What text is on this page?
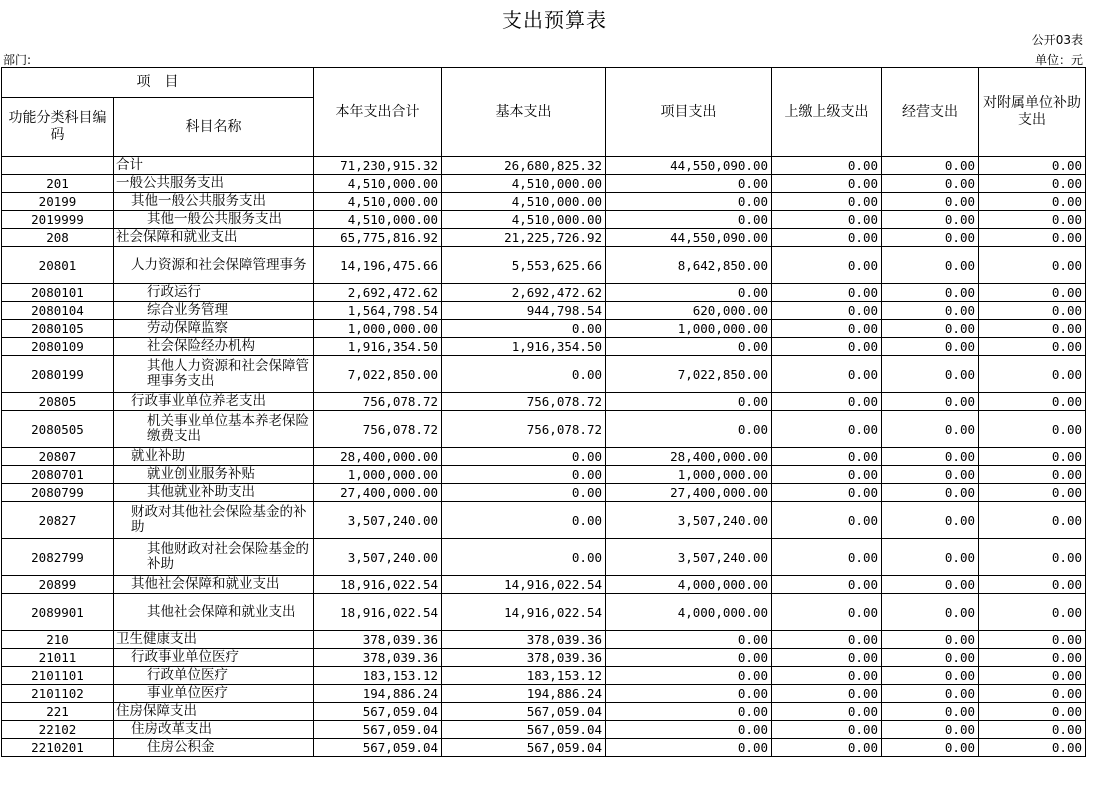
支出预算表
公开03表
部门:	单位：元
项　目		本年支出合计	基本支出	项目支出	上缴上级支出	经营支出	对附属单位补助支出
功能分类科目编码	科目名称						
	合计	71,230,915.32	26,680,825.32	44,550,090.00	0.00	0.00	0.00
201	一般公共服务支出	4,510,000.00	4,510,000.00	0.00	0.00	0.00	0.00
20199	其他一般公共服务支出	4,510,000.00	4,510,000.00	0.00	0.00	0.00	0.00
2019999	其他一般公共服务支出	4,510,000.00	4,510,000.00	0.00	0.00	0.00	0.00
208	社会保障和就业支出	65,775,816.92	21,225,726.92	44,550,090.00	0.00	0.00	0.00
20801	人力资源和社会保障管理事务	14,196,475.66	5,553,625.66	8,642,850.00	0.00	0.00	0.00
2080101	行政运行	2,692,472.62	2,692,472.62	0.00	0.00	0.00	0.00
2080104	综合业务管理	1,564,798.54	944,798.54	620,000.00	0.00	0.00	0.00
2080105	劳动保障监察	1,000,000.00	0.00	1,000,000.00	0.00	0.00	0.00
2080109	社会保险经办机构	1,916,354.50	1,916,354.50	0.00	0.00	0.00	0.00
2080199	其他人力资源和社会保障管理事务支出	7,022,850.00	0.00	7,022,850.00	0.00	0.00	0.00
20805	行政事业单位养老支出	756,078.72	756,078.72	0.00	0.00	0.00	0.00
2080505	机关事业单位基本养老保险缴费支出	756,078.72	756,078.72	0.00	0.00	0.00	0.00
20807	就业补助	28,400,000.00	0.00	28,400,000.00	0.00	0.00	0.00
2080701	就业创业服务补贴	1,000,000.00	0.00	1,000,000.00	0.00	0.00	0.00
2080799	其他就业补助支出	27,400,000.00	0.00	27,400,000.00	0.00	0.00	0.00
20827	财政对其他社会保险基金的补助	3,507,240.00	0.00	3,507,240.00	0.00	0.00	0.00
2082799	其他财政对社会保险基金的补助	3,507,240.00	0.00	3,507,240.00	0.00	0.00	0.00
20899	其他社会保障和就业支出	18,916,022.54	14,916,022.54	4,000,000.00	0.00	0.00	0.00
2089901	其他社会保障和就业支出	18,916,022.54	14,916,022.54	4,000,000.00	0.00	0.00	0.00
210	卫生健康支出	378,039.36	378,039.36	0.00	0.00	0.00	0.00
21011	行政事业单位医疗	378,039.36	378,039.36	0.00	0.00	0.00	0.00
2101101	行政单位医疗	183,153.12	183,153.12	0.00	0.00	0.00	0.00
2101102	事业单位医疗	194,886.24	194,886.24	0.00	0.00	0.00	0.00
221	住房保障支出	567,059.04	567,059.04	0.00	0.00	0.00	0.00
22102	住房改革支出	567,059.04	567,059.04	0.00	0.00	0.00	0.00
2210201	住房公积金	567,059.04	567,059.04	0.00	0.00	0.00	0.00
